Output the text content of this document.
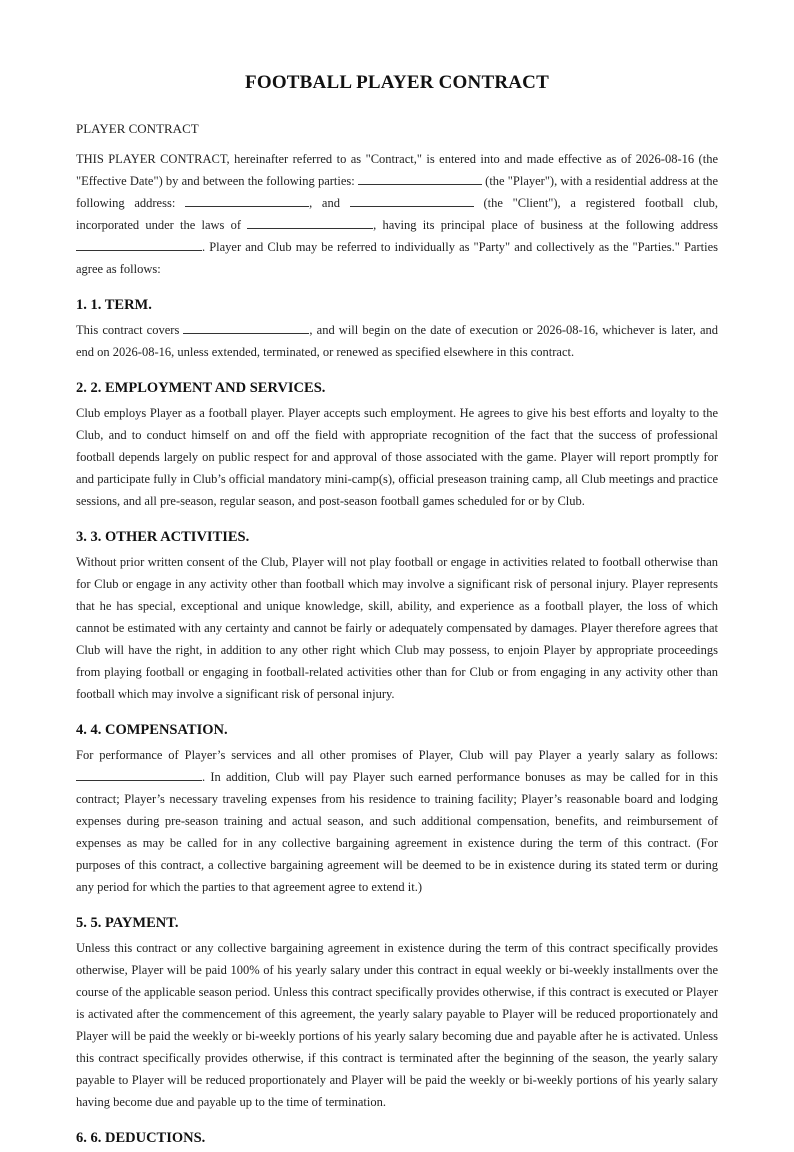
FOOTBALL PLAYER CONTRACT

PLAYER CONTRACT

THIS PLAYER CONTRACT, hereinafter referred to as "Contract," is entered into and made effective as of 2026-08-16 (the "Effective Date") by and between the following parties:	(the "Player"), with a residential address at the following address:	, and	(the "Client"), a registered football club, incorporated under the laws of	, having its principal place of business at the following address . Player and Club may be referred to individually as "Party" and collectively as the "Parties." Parties agree as follows:

1. 1. TERM.

This contract covers	, and will begin on the date of execution or 2026-08-16, whichever is later, and end on 2026-08-16, unless extended, terminated, or renewed as specified elsewhere in this contract.

2. 2. EMPLOYMENT AND SERVICES.

Club employs Player as a football player. Player accepts such employment. He agrees to give his best efforts and loyalty to the Club, and to conduct himself on and off the field with appropriate recognition of the fact that the success of professional football depends largely on public respect for and approval of those associated with the game. Player will report promptly for and participate fully in Club’s official mandatory mini-camp(s), official preseason training camp, all Club meetings and practice sessions, and all pre-season, regular season, and post-season football games scheduled for or by Club.

3. 3. OTHER ACTIVITIES.

Without prior written consent of the Club, Player will not play football or engage in activities related to football otherwise than for Club or engage in any activity other than football which may involve a significant risk of personal injury. Player represents that he has special, exceptional and unique knowledge, skill, ability, and experience as a football player, the loss of which cannot be estimated with any certainty and cannot be fairly or adequately compensated by damages. Player therefore agrees that Club will have the right, in addition to any other right which Club may possess, to enjoin Player by appropriate proceedings from playing football or engaging in football-related activities other than for Club or from engaging in any activity other than football which may involve a significant risk of personal injury.

4. 4. COMPENSATION.

For performance of Player’s services and all other promises of Player, Club will pay Player a yearly salary as follows: . In addition, Club will pay Player such earned performance bonuses as may be called for in this contract; Player’s necessary traveling expenses from his residence to training facility; Player’s reasonable board and lodging expenses during pre-season training and actual season, and such additional compensation, benefits, and reimbursement of expenses as may be called for in any collective bargaining agreement in existence during the term of this contract. (For purposes of this contract, a collective bargaining agreement will be deemed to be in existence during its stated term or during any period for which the parties to that agreement agree to extend it.)

5. 5. PAYMENT.

Unless this contract or any collective bargaining agreement in existence during the term of this contract specifically provides otherwise, Player will be paid 100% of his yearly salary under this contract in equal weekly or bi-weekly installments over the course of the applicable season period. Unless this contract specifically provides otherwise, if this contract is executed or Player is activated after the commencement of this agreement, the yearly salary payable to Player will be reduced proportionately and Player will be paid the weekly or bi-weekly portions of his yearly salary becoming due and payable after he is activated. Unless this contract specifically provides otherwise, if this contract is terminated after the beginning of the season, the yearly salary payable to Player will be reduced proportionately and Player will be paid the weekly or bi-weekly portions of his yearly salary having become due and payable up to the time of termination.

6. 6. DEDUCTIONS.
